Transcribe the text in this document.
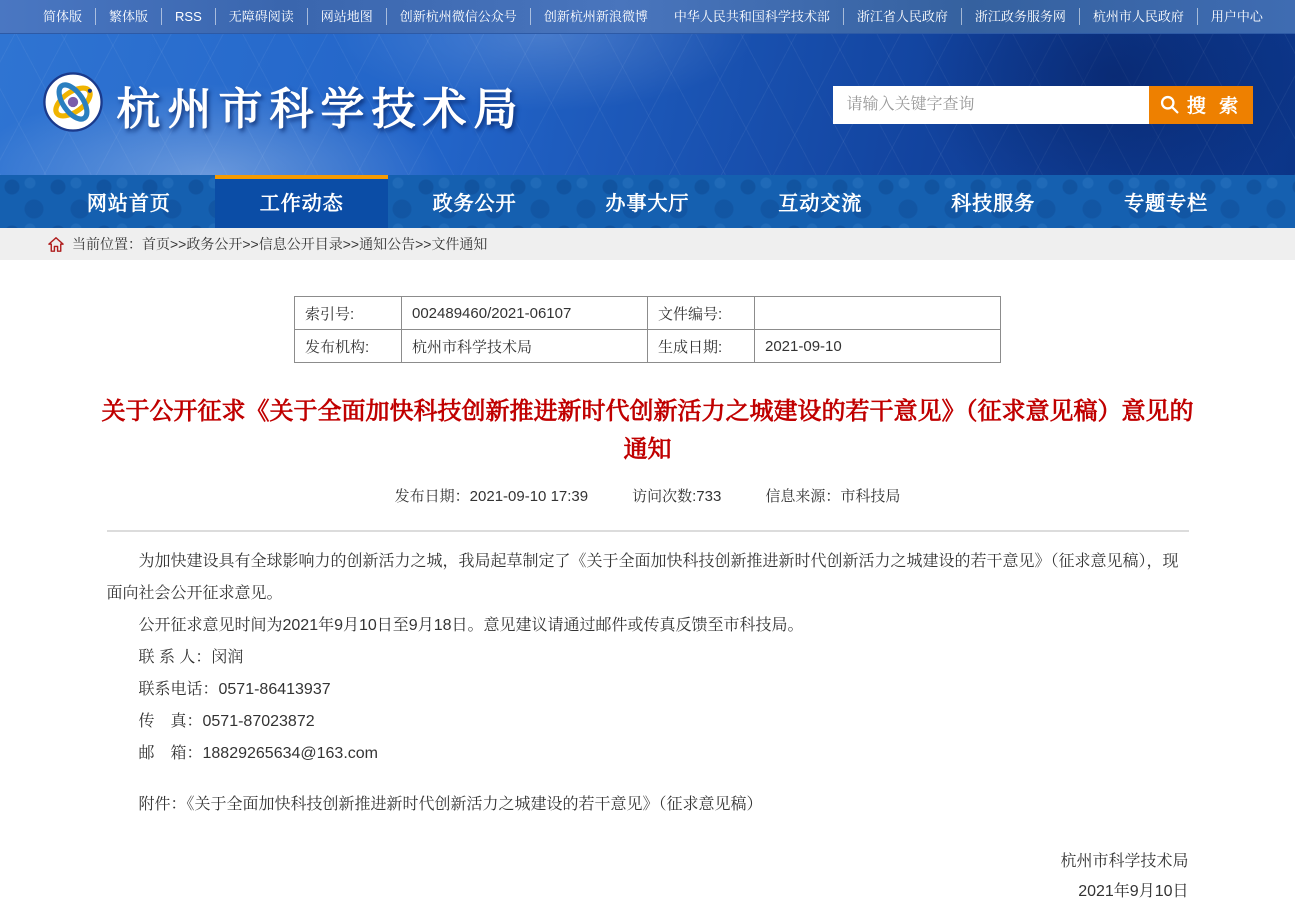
简体版	繁体版	RSS	无障碍阅读	网站地图	创新杭州微信公众号	创新杭州新浪微博	中华人民共和国科学技术部	浙江省人民政府	浙江政务服务网	杭州市人民政府	用户中心
杭州市科学技术局
请输入关键字查询	搜 索
网站首页	工作动态	政务公开	办事大厅	互动交流	科技服务	专题专栏
当前位置： 首页 >> 政务公开 >> 信息公开目录 >> 通知公告 >> 文件通知
索引号:	002489460/2021-06107	文件编号:	
发布机构:	杭州市科学技术局	生成日期:	2021-09-10
关于公开征求《关于全面加快科技创新推进新时代创新活力之城建设的若干意见》（征求意见稿）意见的通知
发布日期：2021-09-10 17:39	访问次数:733	信息来源：市科技局

为加快建设具有全球影响力的创新活力之城，我局起草制定了《关于全面加快科技创新推进新时代创新活力之城建设的若干意见》（征求意见稿），现面向社会公开征求意见。

公开征求意见时间为2021年9月10日至9月18日。意见建议请通过邮件或传真反馈至市科技局。

联 系 人：闵润

联系电话：0571-86413937

传　真：0571-87023872

邮　箱：18829265634@163.com

附件：《关于全面加快科技创新推进新时代创新活力之城建设的若干意见》（征求意见稿）

杭州市科学技术局
2021年9月10日
